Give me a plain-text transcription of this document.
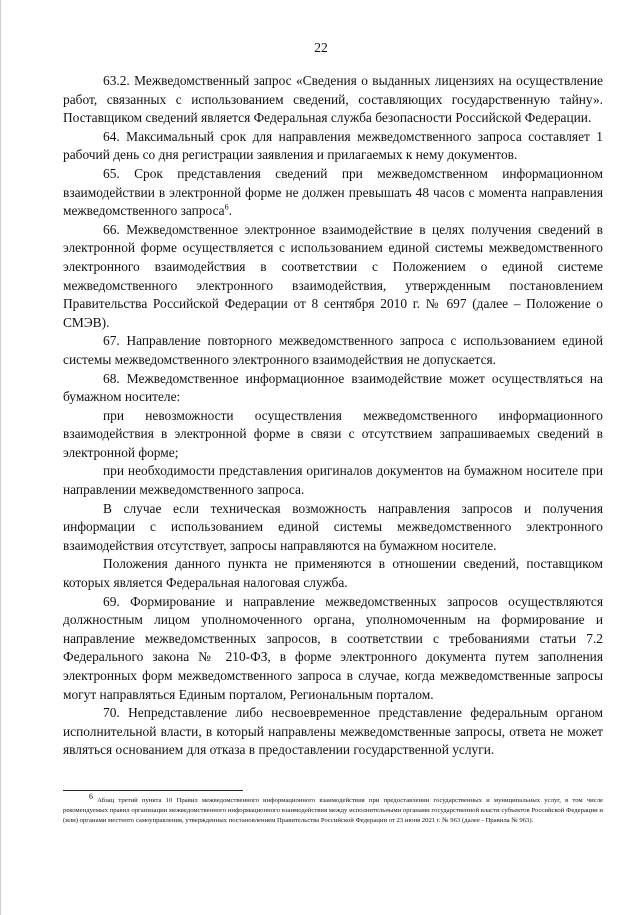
22

63.2. Межведомственный запрос «Сведения о выданных лицензиях на осуществление работ, связанных с использованием сведений, составляющих государственную тайну». Поставщиком сведений является Федеральная служба безопасности Российской Федерации.

64. Максимальный срок для направления межведомственного запроса составляет 1 рабочий день со дня регистрации заявления и прилагаемых к нему документов.

65. Срок представления сведений при межведомственном информационном взаимодействии в электронной форме не должен превышать 48 часов с момента направления межведомственного запроса$^6$.

66. Межведомственное электронное взаимодействие в целях получения сведений в электронной форме осуществляется с использованием единой системы межведомственного электронного взаимодействия в соответствии с Положением о единой системе межведомственного электронного взаимодействия, утвержденным постановлением Правительства Российской Федерации от 8 сентября 2010 г. № 697 (далее – Положение о СМЭВ).

67. Направление повторного межведомственного запроса с использованием единой системы межведомственного электронного взаимодействия не допускается.

68. Межведомственное информационное взаимодействие может осуществляться на бумажном носителе:

при невозможности осуществления межведомственного информационного взаимодействия в электронной форме в связи с отсутствием запрашиваемых сведений в электронной форме;

при необходимости представления оригиналов документов на бумажном носителе при направлении межведомственного запроса.

В случае если техническая возможность направления запросов и получения информации с использованием единой системы межведомственного электронного взаимодействия отсутствует, запросы направляются на бумажном носителе.

Положения данного пункта не применяются в отношении сведений, поставщиком которых является Федеральная налоговая служба.

69. Формирование и направление межведомственных запросов осуществляются должностным лицом уполномоченного органа, уполномоченным на формирование и направление межведомственных запросов, в соответствии с требованиями статьи 7.2 Федерального закона № 210-ФЗ, в форме электронного документа путем заполнения электронных форм межведомственного запроса в случае, когда межведомственные запросы могут направляться Единым порталом, Региональным порталом.

70. Непредставление либо несвоевременное представление федеральным органом исполнительной власти, в который направлены межведомственные запросы, ответа не может являться основанием для отказа в предоставлении государственной услуги.

$^6$ Абзац третий пункта 10 Правил межведомственного информационного взаимодействия при предоставлении государственных и муниципальных услуг, в том числе рекомендуемых правил организации межведомственного информационного взаимодействия между исполнительными органами государственной власти субъектов Российской Федерации и (или) органами местного самоуправления, утвержденных постановлением Правительства Российской Федерации от 23 июня 2021 г. № 963 (далее - Правила № 963).
